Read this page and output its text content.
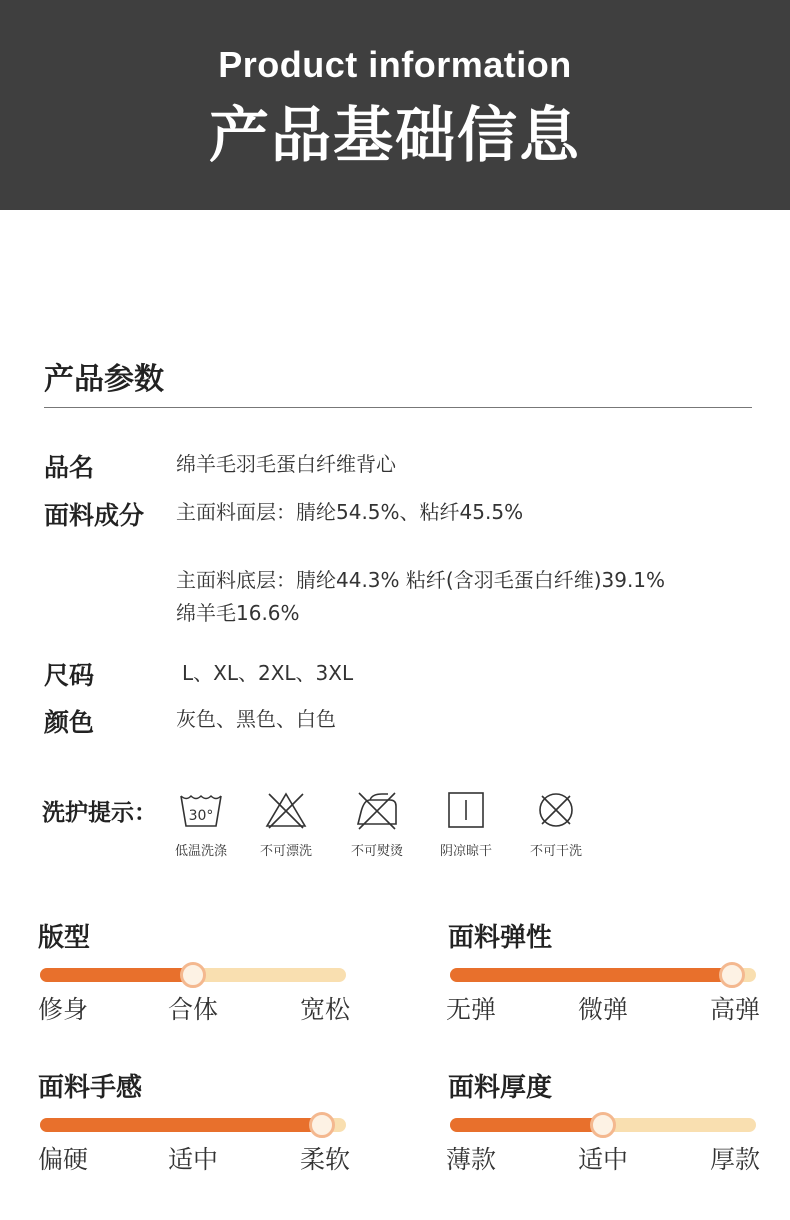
Product information
产品基础信息
产品参数
品名	绵羊毛羽毛蛋白纤维背心
面料成分 主面料面层：腈纶54.5%、粘纤45.5%
主面料底层：腈纶44.3% 粘纤(含羽毛蛋白纤维)39.1%
绵羊毛16.6%
尺码	L、XL、2XL、3XL
颜色	灰色、黑色、白色
洗护提示： 30°
低温洗涤	不可漂洗	不可熨烫	阴凉晾干	不可干洗
版型
修身	合体	宽松
面料弹性
无弹	微弹	高弹
面料手感
偏硬	适中	柔软
面料厚度
薄款	适中	厚款
